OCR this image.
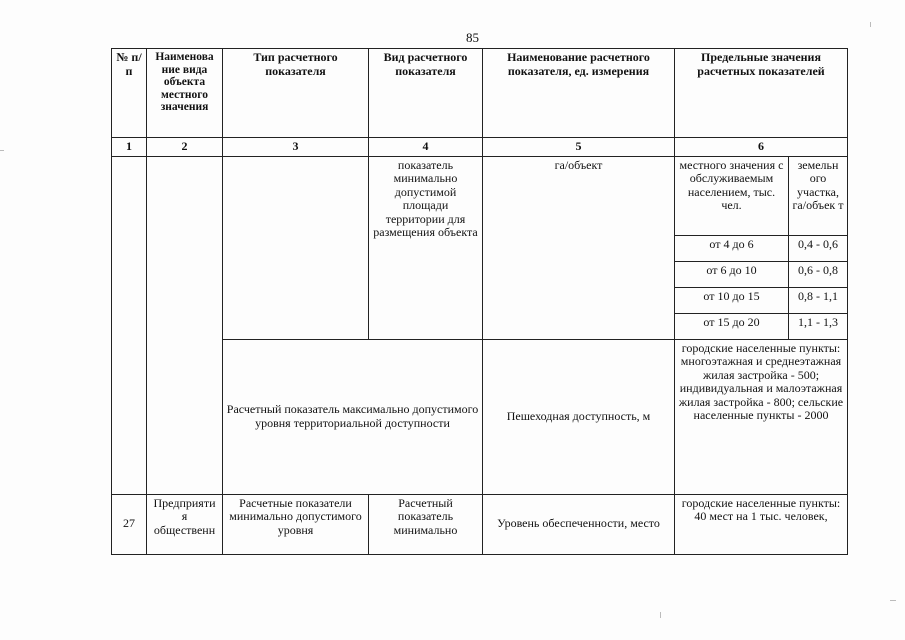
85
№ п/п	Наименова ние вида объекта местного значения	Тип расчетного показателя	Вид расчетного показателя	Наименование расчетного показателя, ед. измерения	Предельные значения расчетных показателей	
1	2	3	4	5	6	
			показатель минимально допустимой площади территории для размещения объекта	га/объект	местного значения с обслуживаемым населением, тыс. чел.	земельн ого участка, га/объек т
					от 4 до 6	0,4 - 0,6
					от 6 до 10	0,6 - 0,8
					от 10 до 15	0,8 - 1,1
					от 15 до 20	1,1 - 1,3
		Расчетный показатель максимально допустимого уровня территориальной доступности		Пешеходная доступность, м	городские населенные пункты: многоэтажная и среднеэтажная жилая застройка - 500; индивидуальная и малоэтажная жилая застройка - 800; сельские населенные пункты - 2000	
27	Предприяти я общественн	Расчетные показатели минимально допустимого уровня	Расчетный показатель минимально	Уровень обеспеченности, место	городские населенные пункты: 40 мест на 1 тыс. человек,	
